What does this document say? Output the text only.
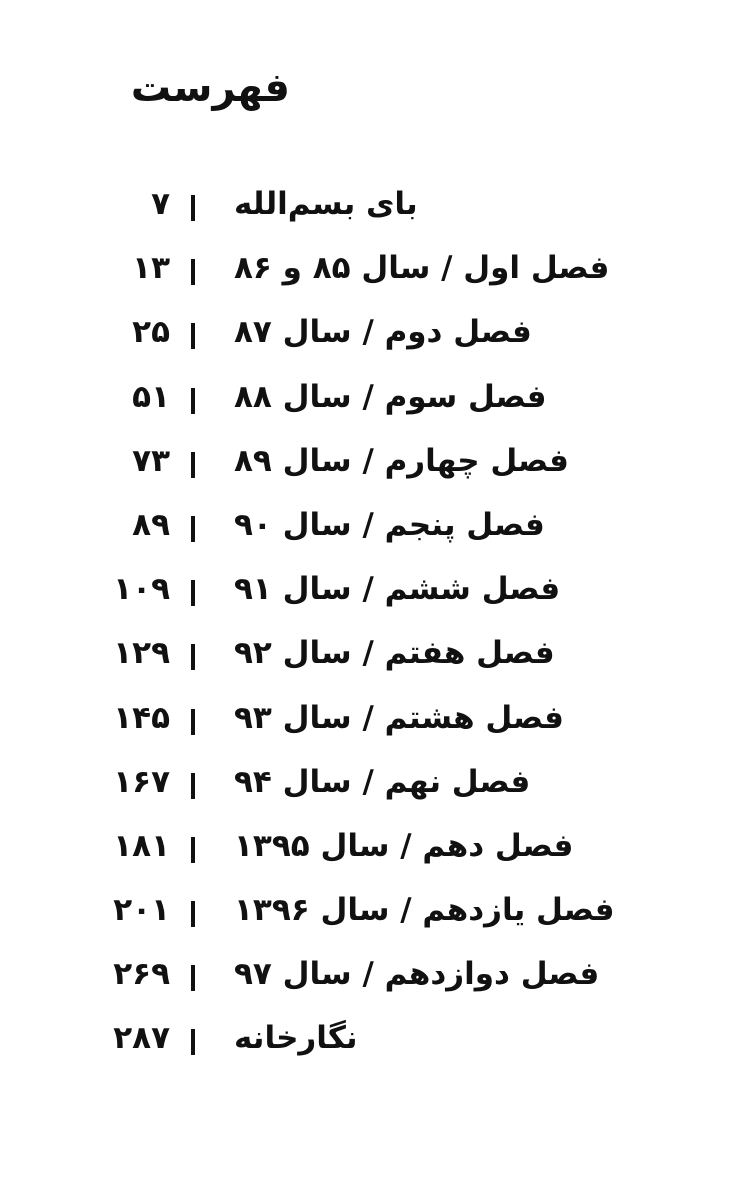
فهرست
۷ بای بسم‌الله
۱۳ فصل اول / سال ۸۵ و ۸۶
۲۵ فصل دوم / سال ۸۷
۵۱ فصل سوم / سال ۸۸
۷۳ فصل چهارم / سال ۸۹
۸۹ فصل پنجم / سال ۹۰
۱۰۹ فصل ششم / سال ۹۱
۱۲۹ فصل هفتم / سال ۹۲
۱۴۵ فصل هشتم / سال ۹۳
۱۶۷ فصل نهم / سال ۹۴
۱۸۱ فصل دهم / سال ۱۳۹۵
۲۰۱ فصل یازدهم / سال ۱۳۹۶
۲۶۹ فصل دوازدهم / سال ۹۷
۲۸۷ نگارخانه
